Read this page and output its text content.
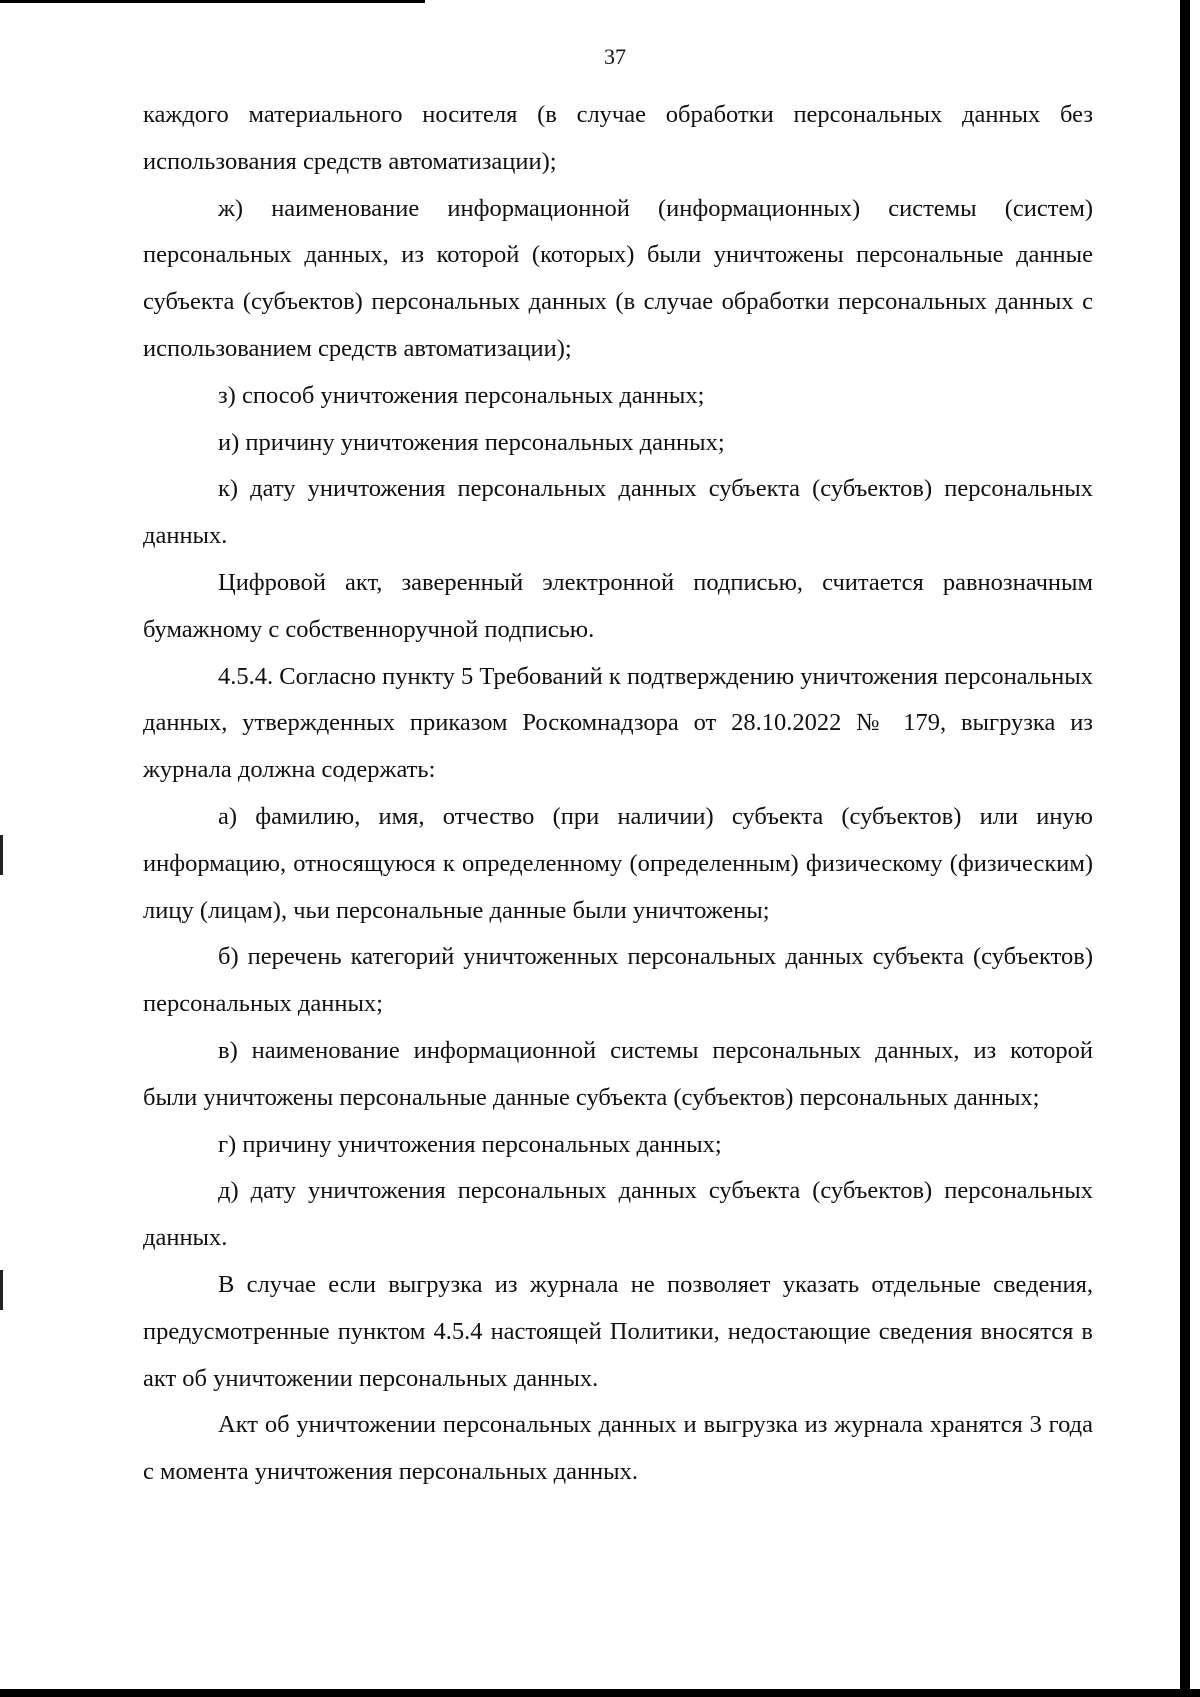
37

каждого материального носителя (в случае обработки персональных данных без использования средств автоматизации);

ж) наименование информационной (информационных) системы (систем) персональных данных, из которой (которых) были уничтожены персональные данные субъекта (субъектов) персональных данных (в случае обработки персональных данных с использованием средств автоматизации);

з) способ уничтожения персональных данных;

и) причину уничтожения персональных данных;

к) дату уничтожения персональных данных субъекта (субъектов) персональных данных.

Цифровой акт, заверенный электронной подписью, считается равнозначным бумажному с собственноручной подписью.

4.5.4. Согласно пункту 5 Требований к подтверждению уничтожения персональных данных, утвержденных приказом Роскомнадзора от 28.10.2022 № 179, выгрузка из журнала должна содержать:

а) фамилию, имя, отчество (при наличии) субъекта (субъектов) или иную информацию, относящуюся к определенному (определенным) физическому (физическим) лицу (лицам), чьи персональные данные были уничтожены;

б) перечень категорий уничтоженных персональных данных субъекта (субъектов) персональных данных;

в) наименование информационной системы персональных данных, из которой были уничтожены персональные данные субъекта (субъектов) персональных данных;

г) причину уничтожения персональных данных;

д) дату уничтожения персональных данных субъекта (субъектов) персональных данных.

В случае если выгрузка из журнала не позволяет указать отдельные сведения, предусмотренные пунктом 4.5.4 настоящей Политики, недостающие сведения вносятся в акт об уничтожении персональных данных.

Акт об уничтожении персональных данных и выгрузка из журнала хранятся 3 года с момента уничтожения персональных данных.
